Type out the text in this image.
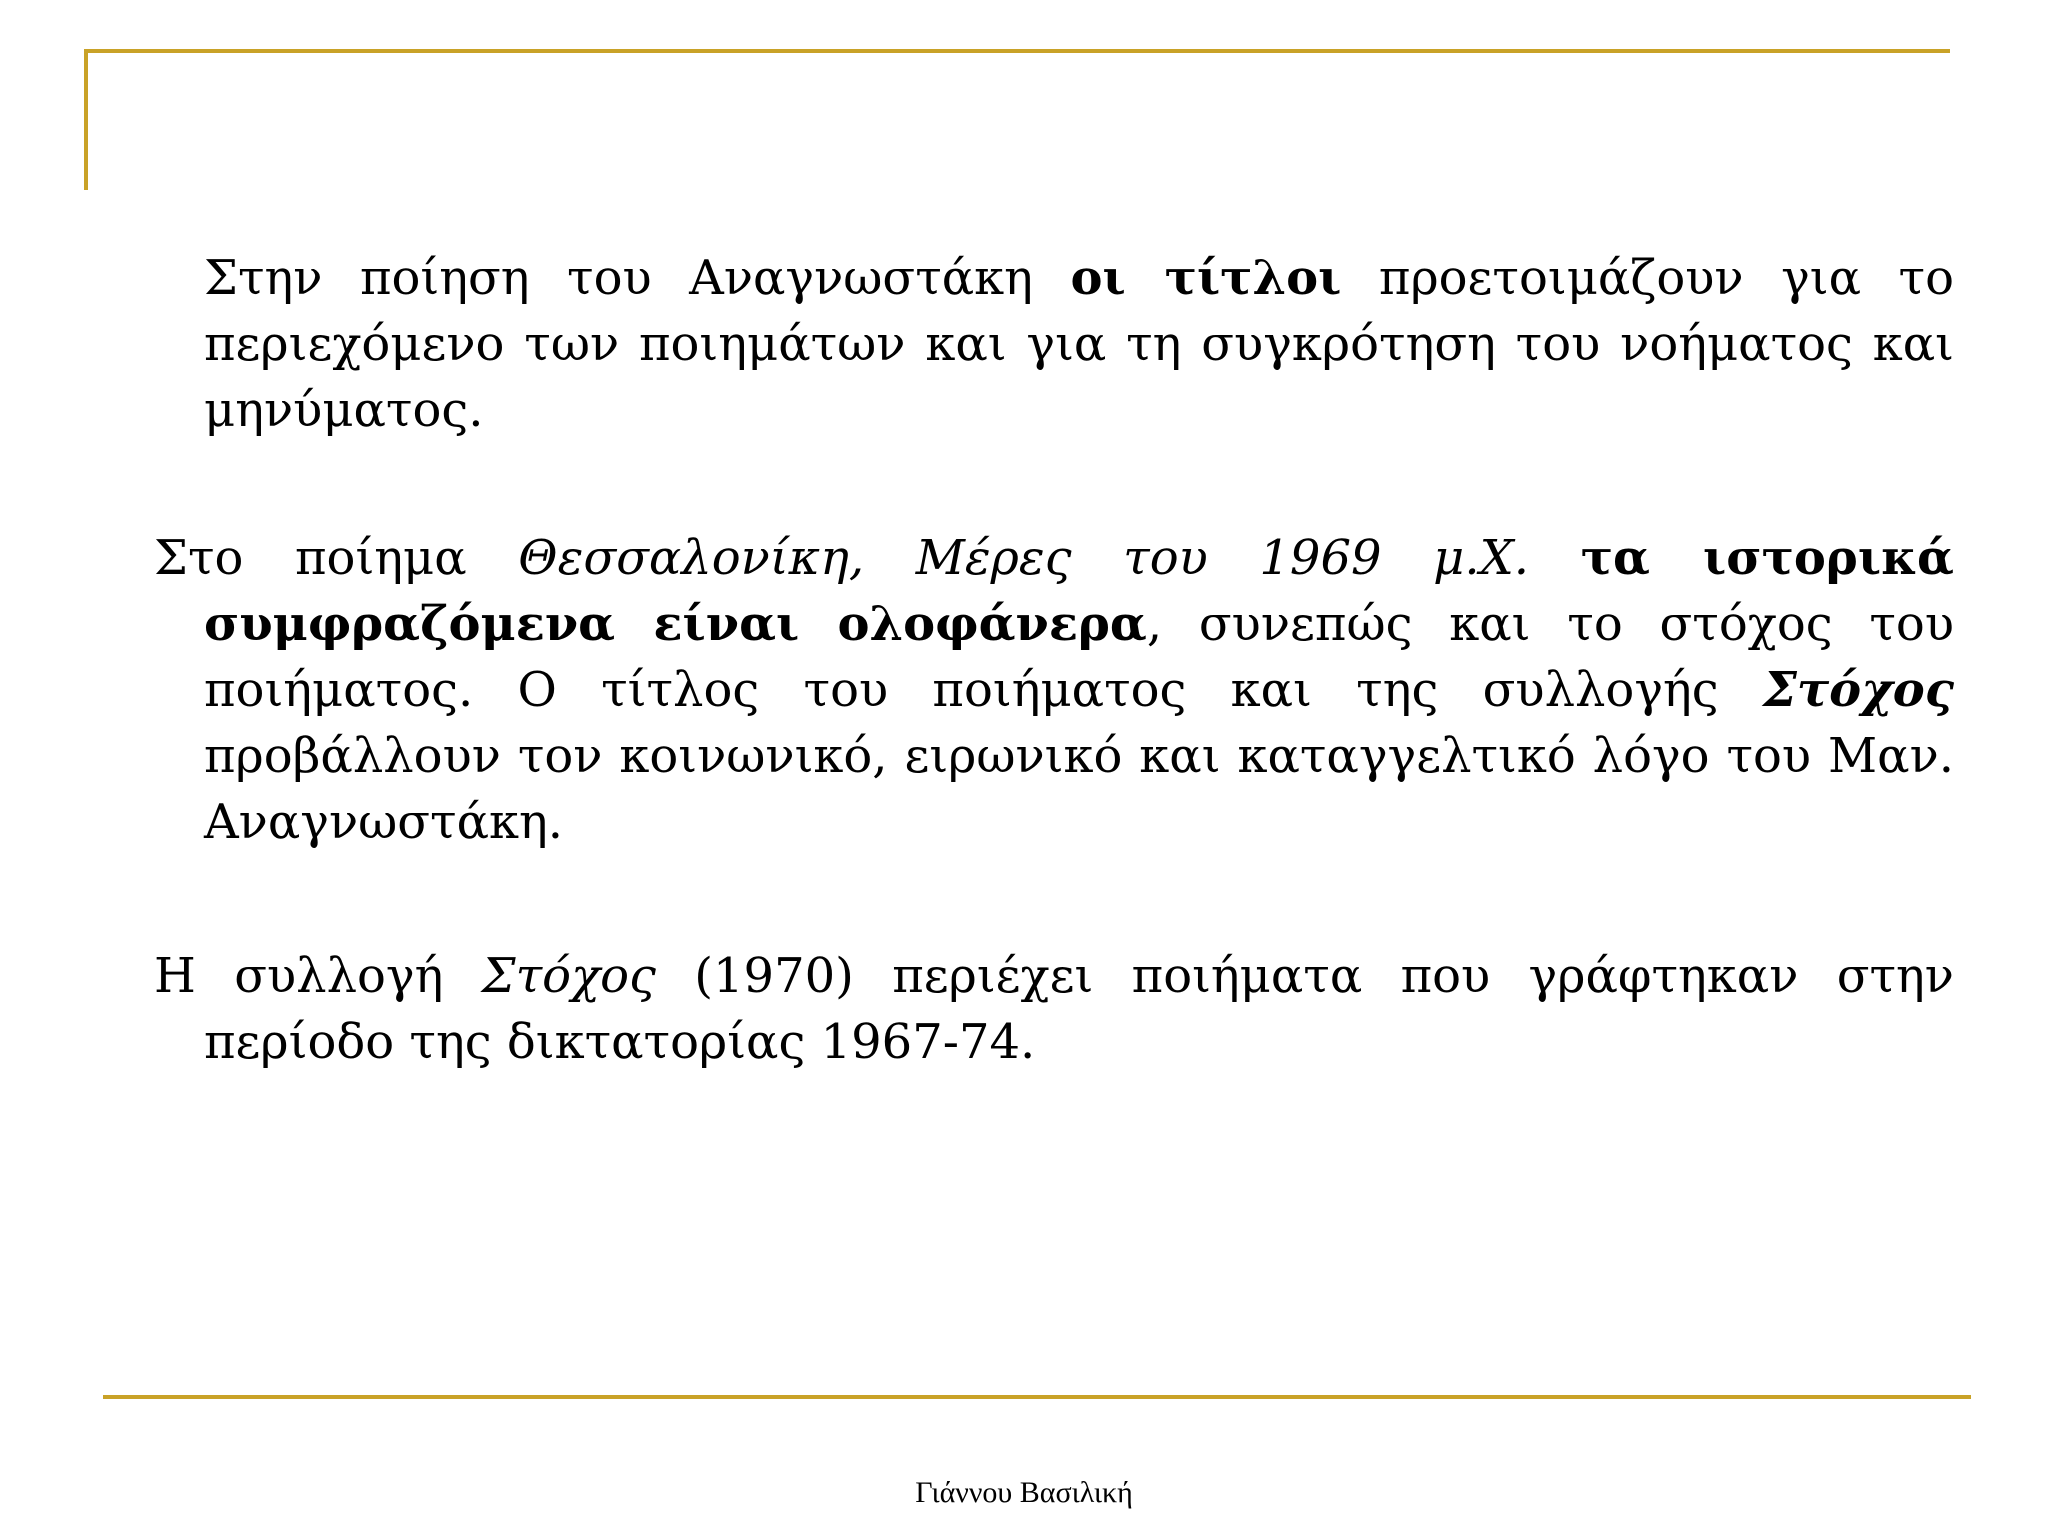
Στην ποίηση του Αναγνωστάκη οι τίτλοι προετοιμάζουν για το περιεχόμενο των ποιημάτων και για τη συγκρότηση του νοήματος και μηνύματος.

Στο ποίημα Θεσσαλονίκη, Μέρες του 1969 μ.Χ. τα ιστορικά συμφραζόμενα είναι ολοφάνερα, συνεπώς και το στόχος του ποιήματος. Ο τίτλος του ποιήματος και της συλλογής Στόχος προβάλλουν τον κοινωνικό, ειρωνικό και καταγγελτικό λόγο του Μαν. Αναγνωστάκη.

Η συλλογή Στόχος (1970) περιέχει ποιήματα που γράφτηκαν στην περίοδο της δικτατορίας 1967-74.

Γιάννου Βασιλική
